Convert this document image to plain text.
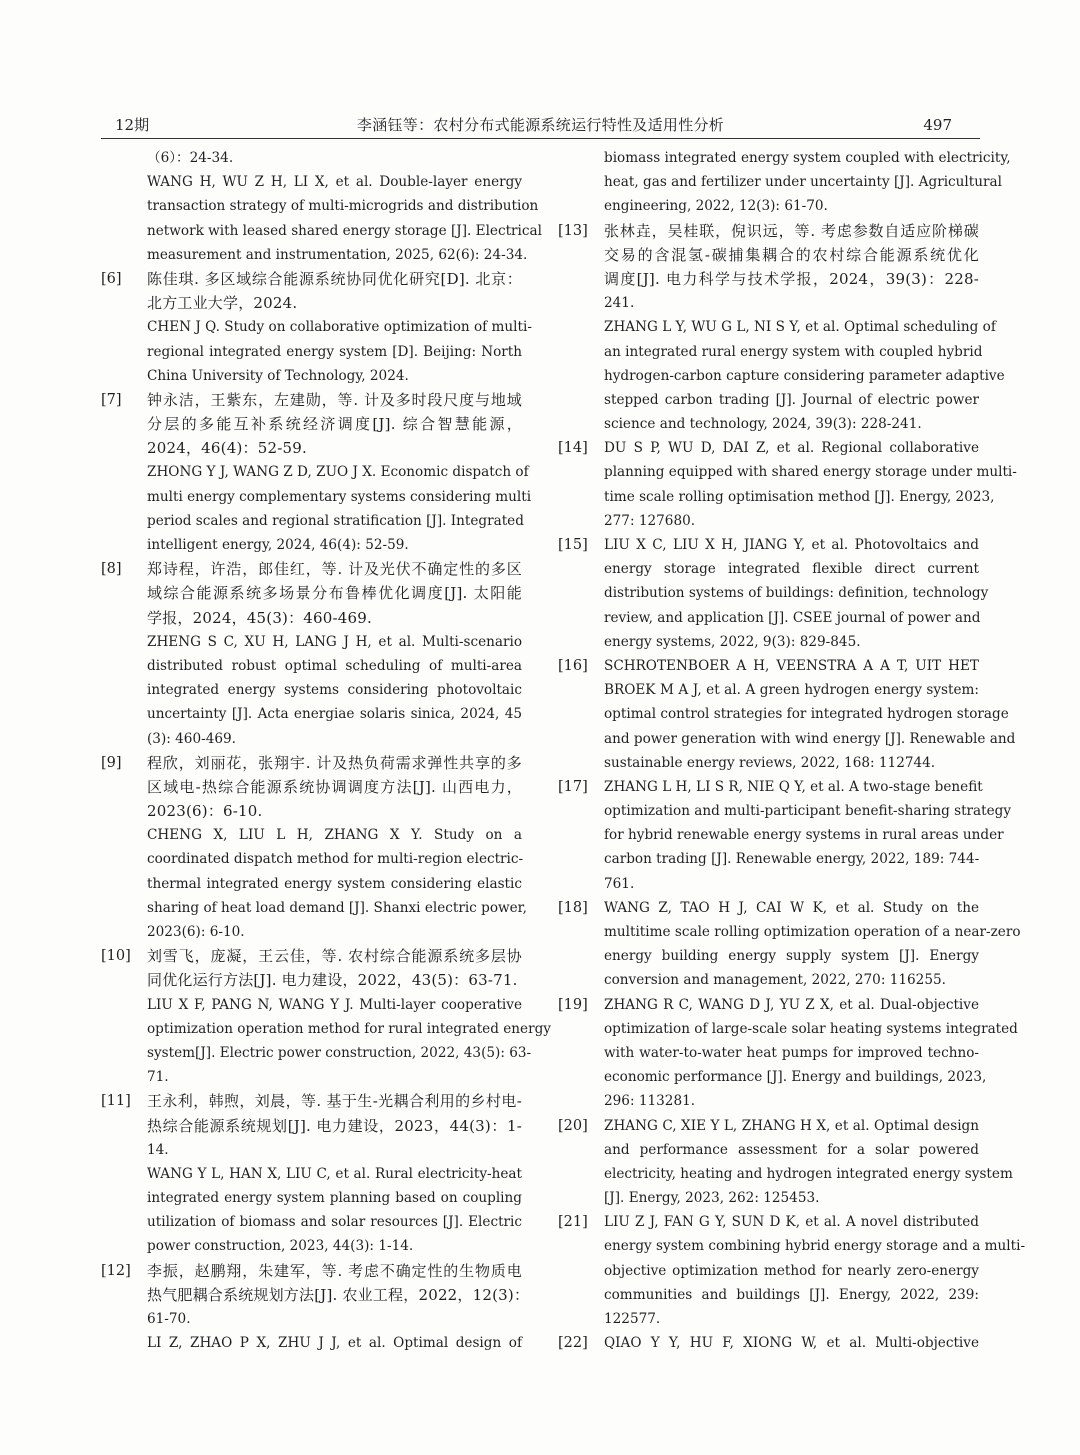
12期	李涵钰等：农村分布式能源系统运行特性及适用性分析	497
（6）：24-34.
WANG H, WU Z H, LI X, et al. Double-layer energy
transaction strategy of multi-microgrids and distribution
network with leased shared energy storage [J]. Electrical
measurement and instrumentation, 2025, 62(6): 24-34.
[6]	陈佳琪. 多区域综合能源系统协同优化研究[D]. 北京：
北方工业大学，2024.
CHEN J Q. Study on collaborative optimization of multi-
regional integrated energy system [D]. Beijing: North
China University of Technology, 2024.
[7]	钟永洁，王紫东，左建勋，等. 计及多时段尺度与地域
分层的多能互补系统经济调度[J]. 综合智慧能源，
2024，46(4)：52-59.
ZHONG Y J, WANG Z D, ZUO J X. Economic dispatch of
multi energy complementary systems considering multi
period scales and regional stratification [J]. Integrated
intelligent energy, 2024, 46(4): 52-59.
[8]	郑诗程，许浩，郎佳红，等. 计及光伏不确定性的多区
域综合能源系统多场景分布鲁棒优化调度[J]. 太阳能
学报，2024，45(3)：460-469.
ZHENG S C, XU H, LANG J H, et al. Multi-scenario
distributed robust optimal scheduling of multi-area
integrated energy systems considering photovoltaic
uncertainty [J]. Acta energiae solaris sinica, 2024, 45
(3): 460-469.
[9]	程欣，刘丽花，张翔宇. 计及热负荷需求弹性共享的多
区域电-热综合能源系统协调调度方法[J]. 山西电力，
2023(6)：6-10.
CHENG X, LIU L H, ZHANG X Y. Study on a
coordinated dispatch method for multi-region electric-
thermal integrated energy system considering elastic
sharing of heat load demand [J]. Shanxi electric power,
2023(6): 6-10.
[10]	刘雪飞，庞凝，王云佳，等. 农村综合能源系统多层协
同优化运行方法[J]. 电力建设，2022，43(5)：63-71.
LIU X F, PANG N, WANG Y J. Multi-layer cooperative
optimization operation method for rural integrated energy
system[J]. Electric power construction, 2022, 43(5): 63-
71.
[11]	王永利，韩煦，刘晨，等. 基于生-光耦合利用的乡村电-
热综合能源系统规划[J]. 电力建设，2023，44(3)：1-
14.
WANG Y L, HAN X, LIU C, et al. Rural electricity-heat
integrated energy system planning based on coupling
utilization of biomass and solar resources [J]. Electric
power construction, 2023, 44(3): 1-14.
[12]	李振，赵鹏翔，朱建军，等. 考虑不确定性的生物质电
热气肥耦合系统规划方法[J]. 农业工程，2022，12(3)：
61-70.
LI Z, ZHAO P X, ZHU J J, et al. Optimal design of
biomass integrated energy system coupled with electricity,
heat, gas and fertilizer under uncertainty [J]. Agricultural
engineering, 2022, 12(3): 61-70.
[13]	张林垚，吴桂联，倪识远，等. 考虑参数自适应阶梯碳
交易的含混氢-碳捕集耦合的农村综合能源系统优化
调度[J]. 电力科学与技术学报，2024，39(3)：228-
241.
ZHANG L Y, WU G L, NI S Y, et al. Optimal scheduling of
an integrated rural energy system with coupled hybrid
hydrogen-carbon capture considering parameter adaptive
stepped carbon trading [J]. Journal of electric power
science and technology, 2024, 39(3): 228-241.
[14]	DU S P, WU D, DAI Z, et al. Regional collaborative
planning equipped with shared energy storage under multi-
time scale rolling optimisation method [J]. Energy, 2023,
277: 127680.
[15]	LIU X C, LIU X H, JIANG Y, et al. Photovoltaics and
energy storage integrated flexible direct current
distribution systems of buildings: definition, technology
review, and application [J]. CSEE journal of power and
energy systems, 2022, 9(3): 829-845.
[16]	SCHROTENBOER A H, VEENSTRA A A T, UIT HET
BROEK M A J, et al. A green hydrogen energy system:
optimal control strategies for integrated hydrogen storage
and power generation with wind energy [J]. Renewable and
sustainable energy reviews, 2022, 168: 112744.
[17]	ZHANG L H, LI S R, NIE Q Y, et al. A two-stage benefit
optimization and multi-participant benefit-sharing strategy
for hybrid renewable energy systems in rural areas under
carbon trading [J]. Renewable energy, 2022, 189: 744-
761.
[18]	WANG Z, TAO H J, CAI W K, et al. Study on the
multitime scale rolling optimization operation of a near-zero
energy building energy supply system [J]. Energy
conversion and management, 2022, 270: 116255.
[19]	ZHANG R C, WANG D J, YU Z X, et al. Dual-objective
optimization of large-scale solar heating systems integrated
with water-to-water heat pumps for improved techno-
economic performance [J]. Energy and buildings, 2023,
296: 113281.
[20]	ZHANG C, XIE Y L, ZHANG H X, et al. Optimal design
and performance assessment for a solar powered
electricity, heating and hydrogen integrated energy system
[J]. Energy, 2023, 262: 125453.
[21]	LIU Z J, FAN G Y, SUN D K, et al. A novel distributed
energy system combining hybrid energy storage and a multi-
objective optimization method for nearly zero-energy
communities and buildings [J]. Energy, 2022, 239:
122577.
[22]	QIAO Y Y, HU F, XIONG W, et al. Multi-objective
